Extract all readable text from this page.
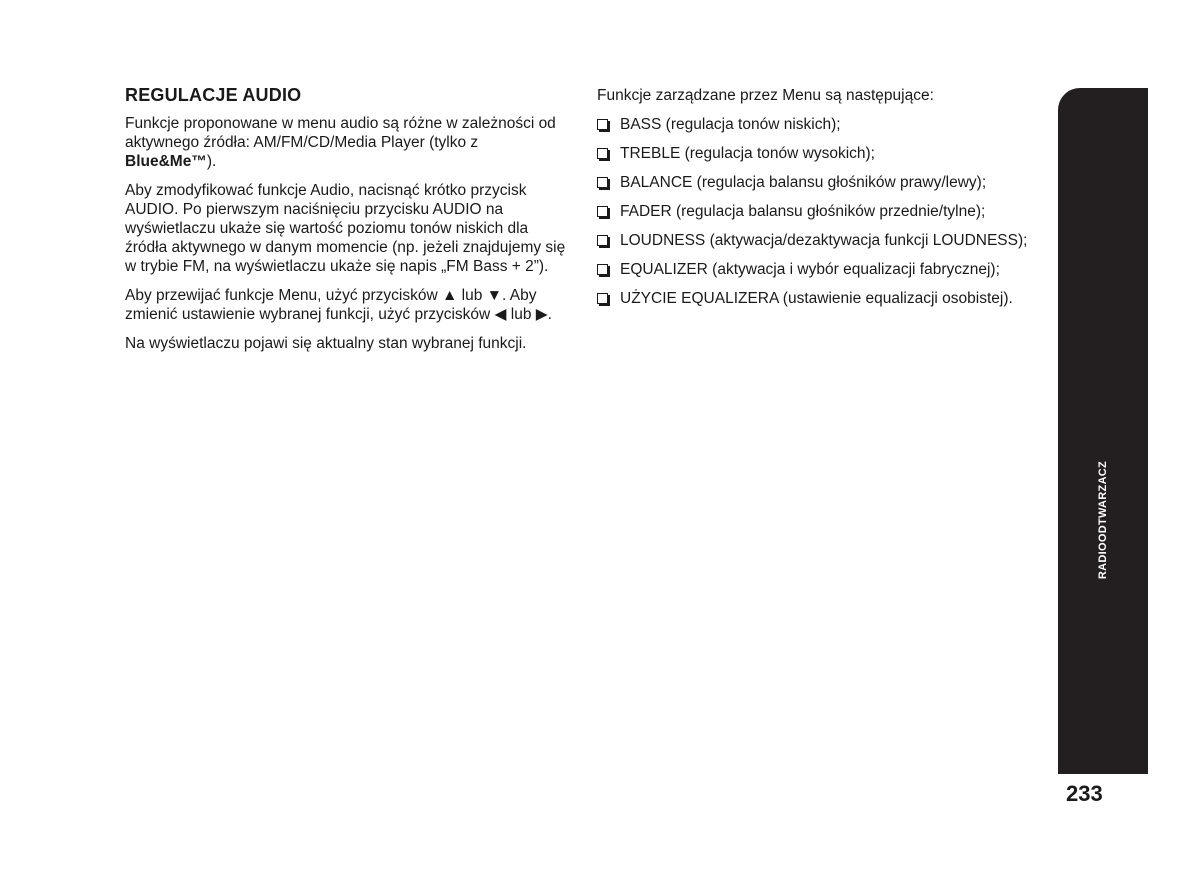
REGULACJE AUDIO

Funkcje proponowane w menu audio są różne w zależności od aktywnego źródła: AM/FM/CD/Media Player (tylko z Blue&Me™).

Aby zmodyfikować funkcje Audio, nacisnąć krótko przycisk AUDIO. Po pierwszym naciśnięciu przycisku AUDIO na wyświetlaczu ukaże się wartość poziomu tonów niskich dla źródła aktywnego w danym momencie (np. jeżeli znajdujemy się w trybie FM, na wyświetlaczu ukaże się napis „FM Bass + 2”).

Aby przewijać funkcje Menu, użyć przycisków ▲ lub ▼. Aby zmienić ustawienie wybranej funkcji, użyć przycisków ◀ lub ▶.

Na wyświetlaczu pojawi się aktualny stan wybranej funkcji.

Funkcje zarządzane przez Menu są następujące:

BASS (regulacja tonów niskich);
TREBLE (regulacja tonów wysokich);
BALANCE (regulacja balansu głośników prawy/lewy);
FADER (regulacja balansu głośników przednie/tylne);
LOUDNESS (aktywacja/dezaktywacja funkcji LOUDNESS);
EQUALIZER (aktywacja i wybór equalizacji fabrycznej);
UŻYCIE EQUALIZERA (ustawienie equalizacji osobistej).
RADIOODTWARZACZ
233
